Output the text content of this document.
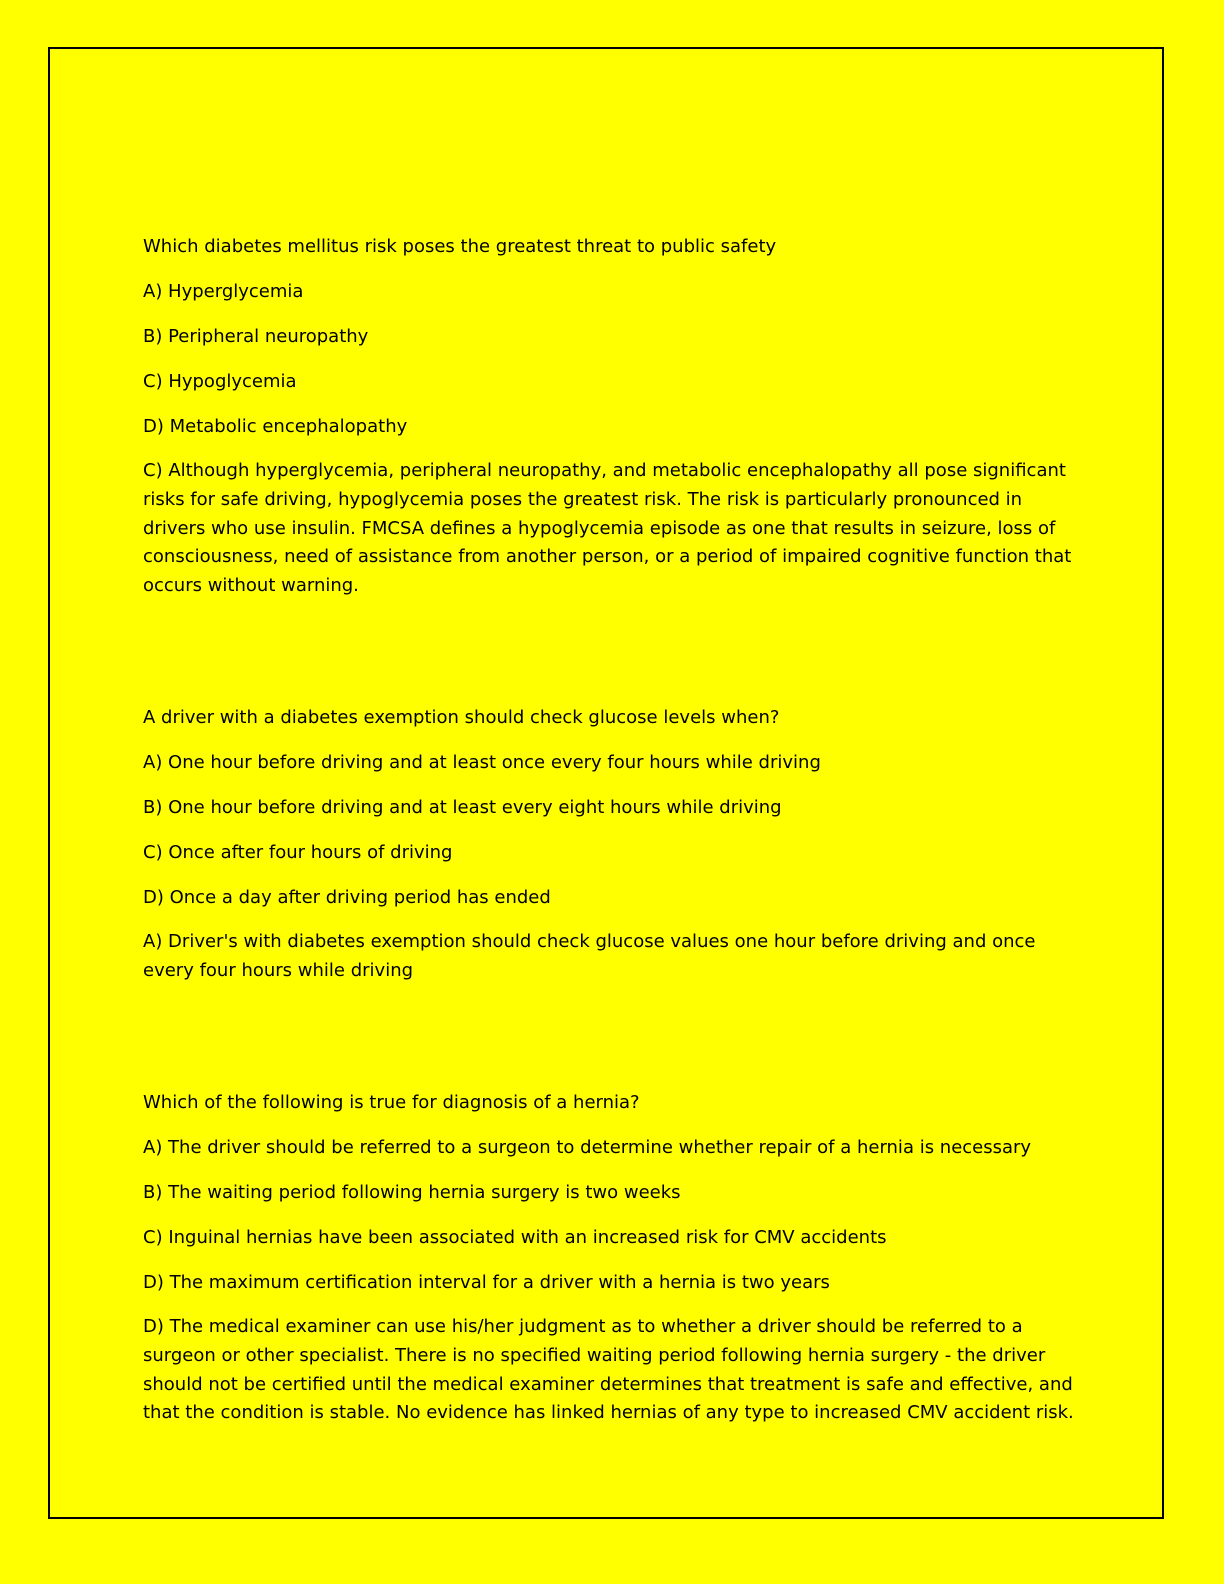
Which diabetes mellitus risk poses the greatest threat to public safety

A) Hyperglycemia

B) Peripheral neuropathy

C) Hypoglycemia

D) Metabolic encephalopathy

C) Although hyperglycemia, peripheral neuropathy, and metabolic encephalopathy all pose significant risks for safe driving, hypoglycemia poses the greatest risk. The risk is particularly pronounced in drivers who use insulin. FMCSA defines a hypoglycemia episode as one that results in seizure, loss of consciousness, need of assistance from another person, or a period of impaired cognitive function that occurs without warning.

A driver with a diabetes exemption should check glucose levels when?

A) One hour before driving and at least once every four hours while driving

B) One hour before driving and at least every eight hours while driving

C) Once after four hours of driving

D) Once a day after driving period has ended

A) Driver's with diabetes exemption should check glucose values one hour before driving and once every four hours while driving

Which of the following is true for diagnosis of a hernia?

A) The driver should be referred to a surgeon to determine whether repair of a hernia is necessary

B) The waiting period following hernia surgery is two weeks

C) Inguinal hernias have been associated with an increased risk for CMV accidents

D) The maximum certification interval for a driver with a hernia is two years

D) The medical examiner can use his/her judgment as to whether a driver should be referred to a surgeon or other specialist. There is no specified waiting period following hernia surgery - the driver should not be certified until the medical examiner determines that treatment is safe and effective, and that the condition is stable. No evidence has linked hernias of any type to increased CMV accident risk.
